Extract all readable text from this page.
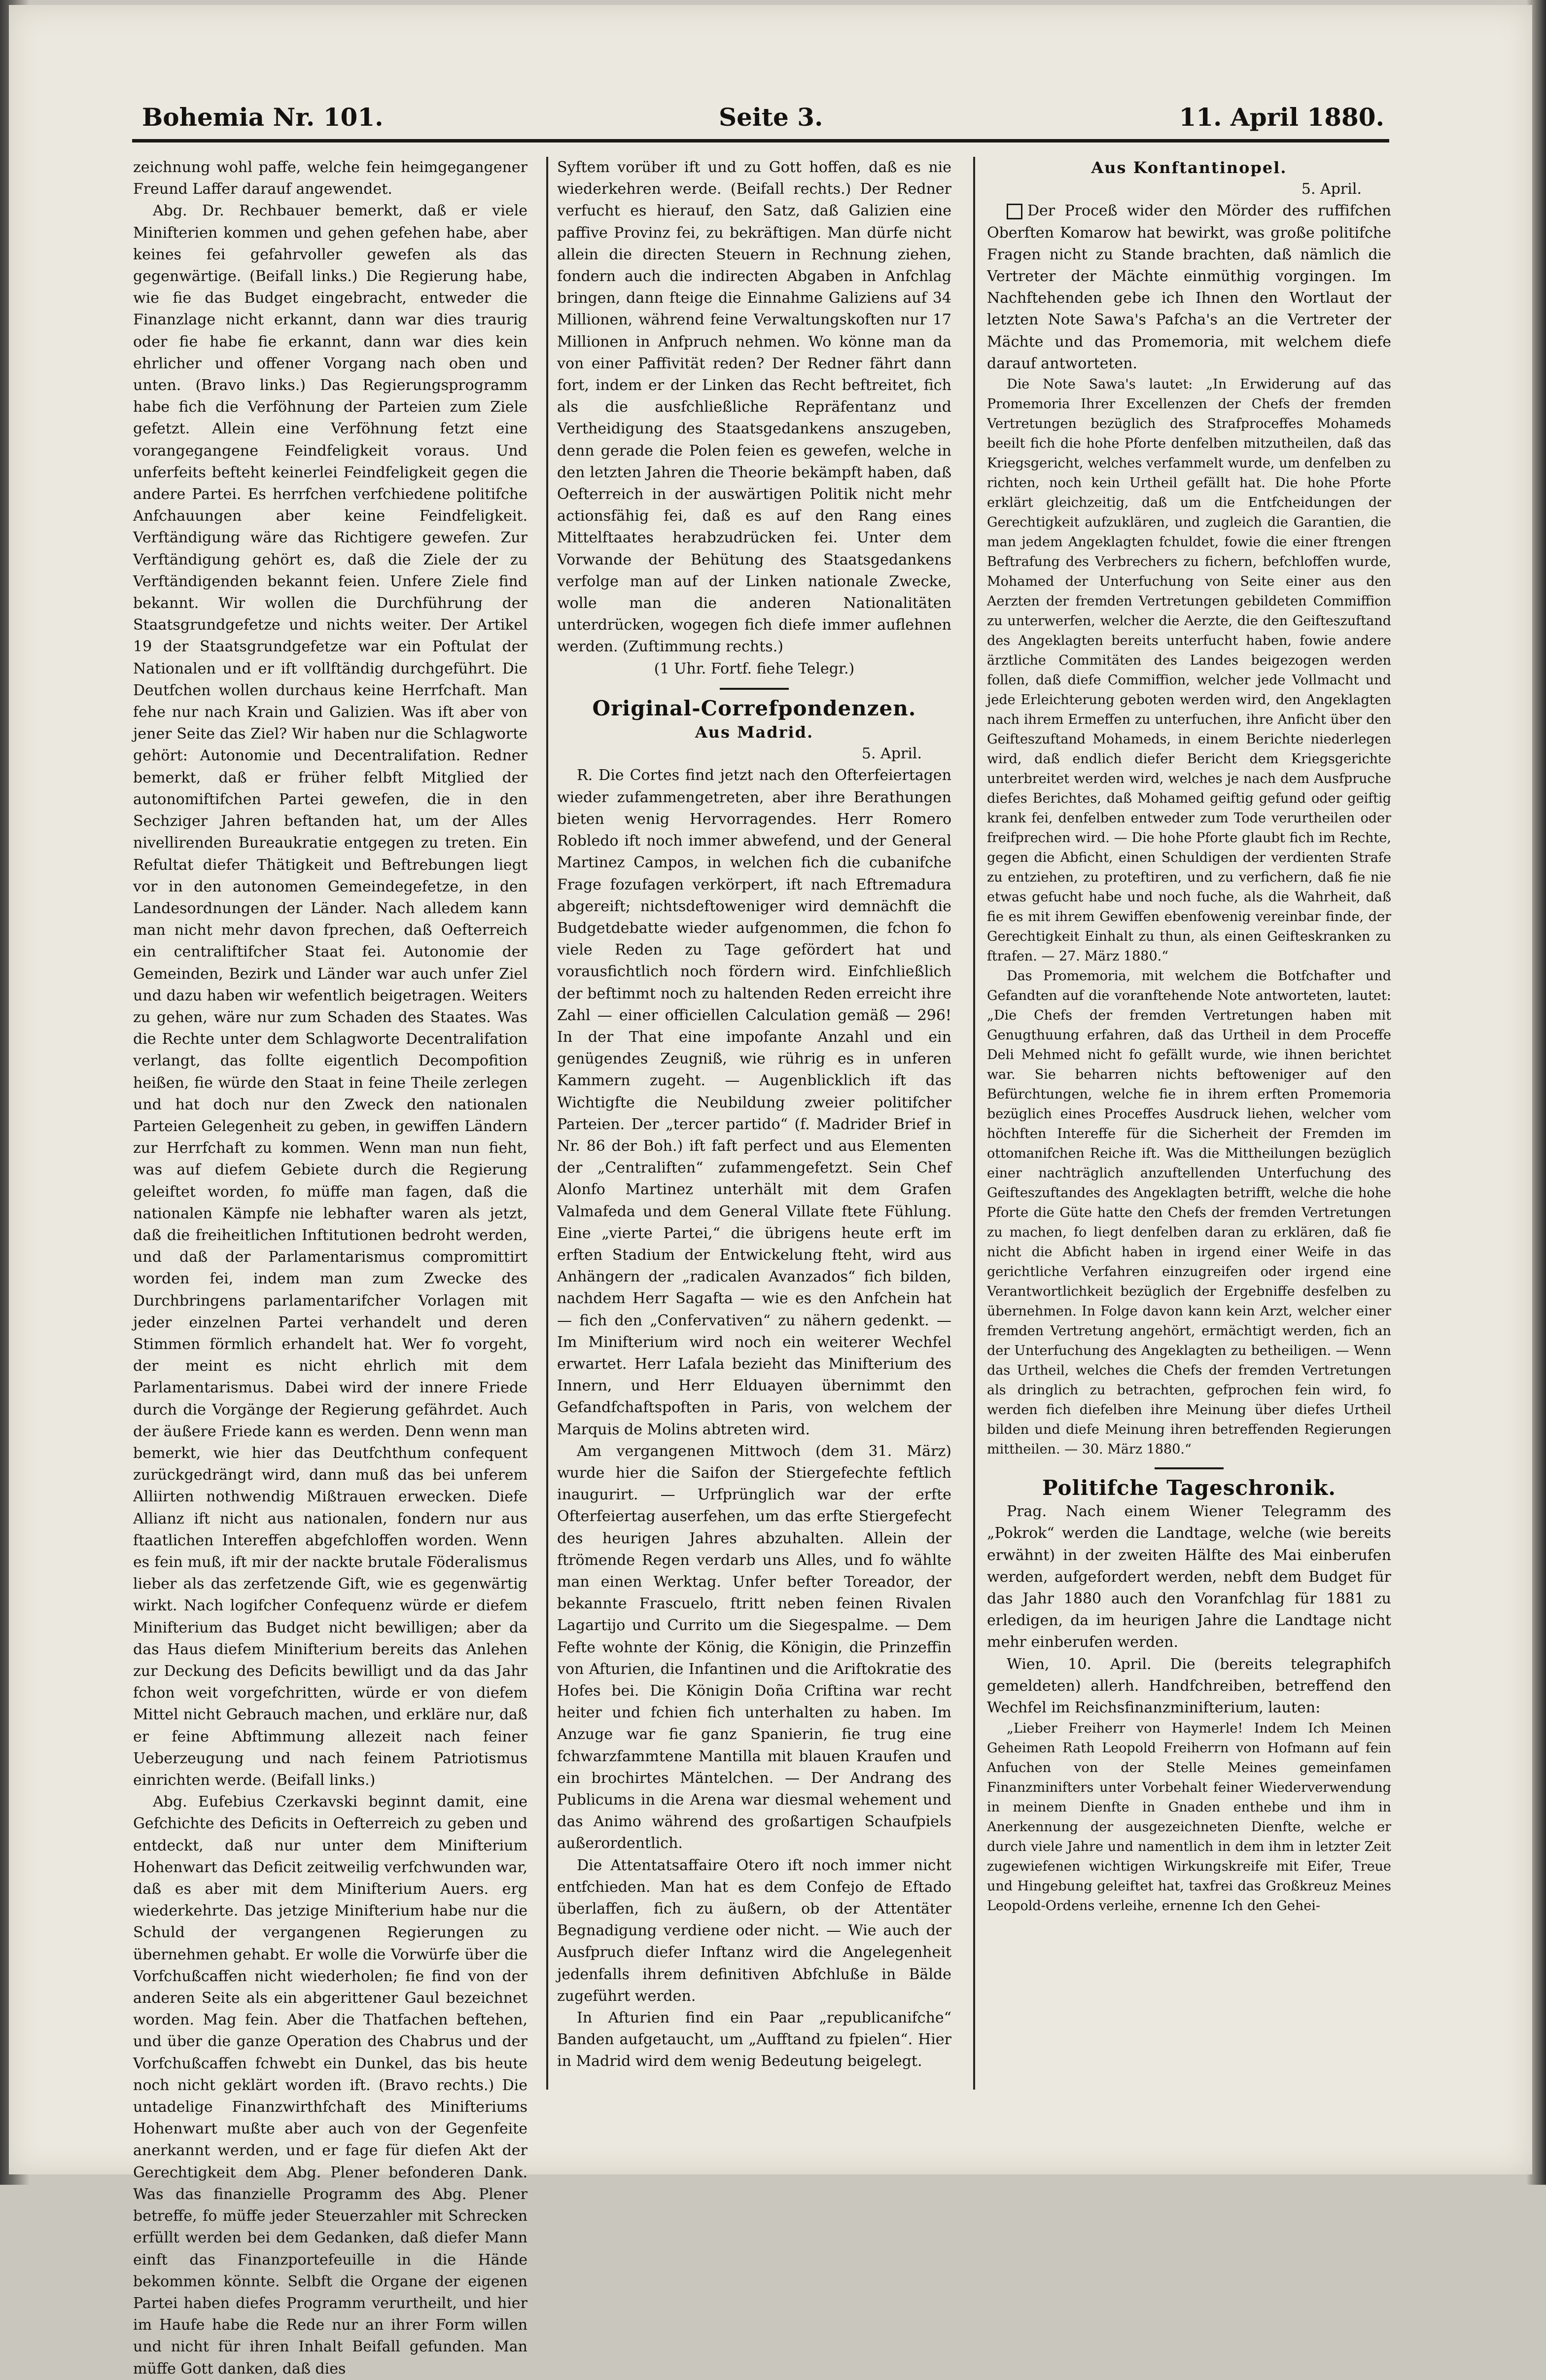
Bohemia Nr. 101.	Seite 3.	11. April 1880.

zeichnung wohl paffe, welche fein heimgegangener Freund Laffer darauf angewendet.

Abg. Dr. Rechbauer bemerkt, daß er viele Minifterien kommen und gehen gefehen habe, aber keines fei gefahrvoller gewefen als das gegenwärtige. (Beifall links.) Die Regierung habe, wie fie das Budget eingebracht, entweder die Finanzlage nicht erkannt, dann war dies traurig oder fie habe fie erkannt, dann war dies kein ehrlicher und offener Vorgang nach oben und unten. (Bravo links.) Das Regierungsprogramm habe fich die Verföhnung der Parteien zum Ziele gefetzt. Allein eine Verföhnung fetzt eine vorangegangene Feindfeligkeit voraus. Und unferfeits befteht keinerlei Feindfeligkeit gegen die andere Partei. Es herrfchen verfchiedene politifche Anfchauungen aber keine Feindfeligkeit. Verftändigung wäre das Richtigere gewefen. Zur Verftändigung gehört es, daß die Ziele der zu Verftändigenden bekannt feien. Unfere Ziele find bekannt. Wir wollen die Durchführung der Staatsgrundgefetze und nichts weiter. Der Artikel 19 der Staatsgrundgefetze war ein Poftulat der Nationalen und er ift vollftändig durchgeführt. Die Deutfchen wollen durchaus keine Herrfchaft. Man fehe nur nach Krain und Galizien. Was ift aber von jener Seite das Ziel? Wir haben nur die Schlagworte gehört: Autonomie und Decentralifation. Redner bemerkt, daß er früher felbft Mitglied der autonomiftifchen Partei gewefen, die in den Sechziger Jahren beftanden hat, um der Alles nivellirenden Bureaukratie entgegen zu treten. Ein Refultat diefer Thätigkeit und Beftrebungen liegt vor in den autonomen Gemeindegefetze, in den Landesordnungen der Länder. Nach alledem kann man nicht mehr davon fprechen, daß Oefterreich ein centraliftifcher Staat fei. Autonomie der Gemeinden, Bezirk und Länder war auch unfer Ziel und dazu haben wir wefentlich beigetragen. Weiters zu gehen, wäre nur zum Schaden des Staates. Was die Rechte unter dem Schlagworte Decentralifation verlangt, das follte eigentlich Decompofition heißen, fie würde den Staat in feine Theile zerlegen und hat doch nur den Zweck den nationalen Parteien Gelegenheit zu geben, in gewiffen Ländern zur Herrfchaft zu kommen. Wenn man nun fieht, was auf diefem Gebiete durch die Regierung geleiftet worden, fo müffe man fagen, daß die nationalen Kämpfe nie lebhafter waren als jetzt, daß die freiheitlichen Inftitutionen bedroht werden, und daß der Parlamentarismus compromittirt worden fei, indem man zum Zwecke des Durchbringens parlamentarifcher Vorlagen mit jeder einzelnen Partei verhandelt und deren Stimmen förmlich erhandelt hat. Wer fo vorgeht, der meint es nicht ehrlich mit dem Parlamentarismus. Dabei wird der innere Friede durch die Vorgänge der Regierung gefährdet. Auch der äußere Friede kann es werden. Denn wenn man bemerkt, wie hier das Deutfchthum confequent zurückgedrängt wird, dann muß das bei unferem Alliirten nothwendig Mißtrauen erwecken. Diefe Allianz ift nicht aus nationalen, fondern nur aus ftaatlichen Intereffen abgefchloffen worden. Wenn es fein muß, ift mir der nackte brutale Föderalismus lieber als das zerfetzende Gift, wie es gegenwärtig wirkt. Nach logifcher Confequenz würde er diefem Minifterium das Budget nicht bewilligen; aber da das Haus diefem Minifterium bereits das Anlehen zur Deckung des Deficits bewilligt und da das Jahr fchon weit vorgefchritten, würde er von diefem Mittel nicht Gebrauch machen, und erkläre nur, daß er feine Abftimmung allezeit nach feiner Ueberzeugung und nach feinem Patriotismus einrichten werde. (Beifall links.)

Abg. Eufebius Czerkavski beginnt damit, eine Gefchichte des Deficits in Oefterreich zu geben und entdeckt, daß nur unter dem Minifterium Hohenwart das Deficit zeitweilig verfchwunden war, daß es aber mit dem Minifterium Auers. erg wiederkehrte. Das jetzige Minifterium habe nur die Schuld der vergangenen Regierungen zu übernehmen gehabt. Er wolle die Vorwürfe über die Vorfchußcaffen nicht wiederholen; fie find von der anderen Seite als ein abgerittener Gaul bezeichnet worden. Mag fein. Aber die Thatfachen beftehen, und über die ganze Operation des Chabrus und der Vorfchußcaffen fchwebt ein Dunkel, das bis heute noch nicht geklärt worden ift. (Bravo rechts.) Die untadelige Finanzwirthfchaft des Minifteriums Hohenwart mußte aber auch von der Gegenfeite anerkannt werden, und er fage für diefen Akt der Gerechtigkeit dem Abg. Plener befonderen Dank. Was das finanzielle Programm des Abg. Plener betreffe, fo müffe jeder Steuerzahler mit Schrecken erfüllt werden bei dem Gedanken, daß diefer Mann einft das Finanzportefeuille in die Hände bekommen könnte. Selbft die Organe der eigenen Partei haben diefes Programm verurtheilt, und hier im Haufe habe die Rede nur an ihrer Form willen und nicht für ihren Inhalt Beifall gefunden. Man müffe Gott danken, daß dies

Syftem vorüber ift und zu Gott hoffen, daß es nie wiederkehren werde. (Beifall rechts.) Der Redner verfucht es hierauf, den Satz, daß Galizien eine paffive Provinz fei, zu bekräftigen. Man dürfe nicht allein die directen Steuern in Rechnung ziehen, fondern auch die indirecten Abgaben in Anfchlag bringen, dann fteige die Einnahme Galiziens auf 34 Millionen, während feine Verwaltungskoften nur 17 Millionen in Anfpruch nehmen. Wo könne man da von einer Paffivität reden? Der Redner fährt dann fort, indem er der Linken das Recht beftreitet, fich als die ausfchließliche Repräfentanz und Vertheidigung des Staatsgedankens anszugeben, denn gerade die Polen feien es gewefen, welche in den letzten Jahren die Theorie bekämpft haben, daß Oefterreich in der auswärtigen Politik nicht mehr actionsfähig fei, daß es auf den Rang eines Mittelftaates herabzudrücken fei. Unter dem Vorwande der Behütung des Staatsgedankens verfolge man auf der Linken nationale Zwecke, wolle man die anderen Nationalitäten unterdrücken, wogegen fich diefe immer auflehnen werden. (Zuftimmung rechts.)

(1 Uhr. Fortf. fiehe Telegr.)
Original-Correfpondenzen.
Aus Madrid.
5. April.

R. Die Cortes find jetzt nach den Ofterfeiertagen wieder zufammengetreten, aber ihre Berathungen bieten wenig Hervorragendes. Herr Romero Robledo ift noch immer abwefend, und der General Martinez Campos, in welchen fich die cubanifche Frage fozufagen verkörpert, ift nach Eftremadura abgereift; nichtsdeftoweniger wird demnächft die Budgetdebatte wieder aufgenommen, die fchon fo viele Reden zu Tage gefördert hat und vorausfichtlich noch fördern wird. Einfchließlich der beftimmt noch zu haltenden Reden erreicht ihre Zahl — einer officiellen Calculation gemäß — 296! In der That eine impofante Anzahl und ein genügendes Zeugniß, wie rührig es in unferen Kammern zugeht. — Augenblicklich ift das Wichtigfte die Neubildung zweier politifcher Parteien. Der „tercer partido“ (f. Madrider Brief in Nr. 86 der Boh.) ift faft perfect und aus Elementen der „Centraliften“ zufammengefetzt. Sein Chef Alonfo Martinez unterhält mit dem Grafen Valmafeda und dem General Villate ftete Fühlung. Eine „vierte Partei,“ die übrigens heute erft im erften Stadium der Entwickelung fteht, wird aus Anhängern der „radicalen Avanzados“ fich bilden, nachdem Herr Sagafta — wie es den Anfchein hat — fich den „Confervativen“ zu nähern gedenkt. — Im Minifterium wird noch ein weiterer Wechfel erwartet. Herr Lafala bezieht das Minifterium des Innern, und Herr Elduayen übernimmt den Gefandfchaftspoften in Paris, von welchem der Marquis de Molins abtreten wird.

Am vergangenen Mittwoch (dem 31. März) wurde hier die Saifon der Stiergefechte feftlich inaugurirt. — Urfprünglich war der erfte Ofterfeiertag auserfehen, um das erfte Stiergefecht des heurigen Jahres abzuhalten. Allein der ftrömende Regen verdarb uns Alles, und fo wählte man einen Werktag. Unfer befter Toreador, der bekannte Frascuelo, ftritt neben feinen Rivalen Lagartijo und Currito um die Siegespalme. — Dem Fefte wohnte der König, die Königin, die Prinzeffin von Afturien, die Infantinen und die Ariftokratie des Hofes bei. Die Königin Doña Criftina war recht heiter und fchien fich unterhalten zu haben. Im Anzuge war fie ganz Spanierin, fie trug eine fchwarzfammtene Mantilla mit blauen Kraufen und ein brochirtes Mäntelchen. — Der Andrang des Publicums in die Arena war diesmal wehement und das Animo während des großartigen Schaufpiels außerordentlich.

Die Attentatsaffaire Otero ift noch immer nicht entfchieden. Man hat es dem Confejo de Eftado überlaffen, fich zu äußern, ob der Attentäter Begnadigung verdiene oder nicht. — Wie auch der Ausfpruch diefer Inftanz wird die Angelegenheit jedenfalls ihrem definitiven Abfchluße in Bälde zugeführt werden.

In Afturien find ein Paar „republicanifche“ Banden aufgetaucht, um „Aufftand zu fpielen“. Hier in Madrid wird dem wenig Bedeutung beigelegt.

Aus Konftantinopel.
5. April.

Der Proceß wider den Mörder des ruffifchen Oberften Komarow hat bewirkt, was große politifche Fragen nicht zu Stande brachten, daß nämlich die Vertreter der Mächte einmüthig vorgingen. Im Nachftehenden gebe ich Ihnen den Wortlaut der letzten Note Sawa's Pafcha's an die Vertreter der Mächte und das Promemoria, mit welchem diefe darauf antworteten.

Die Note Sawa's lautet: „In Erwiderung auf das Promemoria Ihrer Excellenzen der Chefs der fremden Vertretungen bezüglich des Strafproceffes Mohameds beeilt fich die hohe Pforte denfelben mitzutheilen, daß das Kriegsgericht, welches verfammelt wurde, um denfelben zu richten, noch kein Urtheil gefällt hat. Die hohe Pforte erklärt gleichzeitig, daß um die Entfcheidungen der Gerechtigkeit aufzuklären, und zugleich die Garantien, die man jedem Angeklagten fchuldet, fowie die einer ftrengen Beftrafung des Verbrechers zu fichern, befchloffen wurde, Mohamed der Unterfuchung von Seite einer aus den Aerzten der fremden Vertretungen gebildeten Commiffion zu unterwerfen, welcher die Aerzte, die den Geifteszuftand des Angeklagten bereits unterfucht haben, fowie andere ärztliche Commitäten des Landes beigezogen werden follen, daß diefe Commiffion, welcher jede Vollmacht und jede Erleichterung geboten werden wird, den Angeklagten nach ihrem Ermeffen zu unterfuchen, ihre Anficht über den Geifteszuftand Mohameds, in einem Berichte niederlegen wird, daß endlich diefer Bericht dem Kriegsgerichte unterbreitet werden wird, welches je nach dem Ausfpruche diefes Berichtes, daß Mohamed geiftig gefund oder geiftig krank fei, denfelben entweder zum Tode verurtheilen oder freifprechen wird. — Die hohe Pforte glaubt fich im Rechte, gegen die Abficht, einen Schuldigen der verdienten Strafe zu entziehen, zu proteftiren, und zu verfichern, daß fie nie etwas gefucht habe und noch fuche, als die Wahrheit, daß fie es mit ihrem Gewiffen ebenfowenig vereinbar finde, der Gerechtigkeit Einhalt zu thun, als einen Geifteskranken zu ftrafen. — 27. März 1880.“

Das Promemoria, mit welchem die Botfchafter und Gefandten auf die voranftehende Note antworteten, lautet: „Die Chefs der fremden Vertretungen haben mit Genugthuung erfahren, daß das Urtheil in dem Proceffe Deli Mehmed nicht fo gefällt wurde, wie ihnen berichtet war. Sie beharren nichts beftoweniger auf den Befürchtungen, welche fie in ihrem erften Promemoria bezüglich eines Proceffes Ausdruck liehen, welcher vom höchften Intereffe für die Sicherheit der Fremden im ottomanifchen Reiche ift. Was die Mittheilungen bezüglich einer nachträglich anzuftellenden Unterfuchung des Geifteszuftandes des Angeklagten betrifft, welche die hohe Pforte die Güte hatte den Chefs der fremden Vertretungen zu machen, fo liegt denfelben daran zu erklären, daß fie nicht die Abficht haben in irgend einer Weife in das gerichtliche Verfahren einzugreifen oder irgend eine Verantwortlichkeit bezüglich der Ergebniffe desfelben zu übernehmen. In Folge davon kann kein Arzt, welcher einer fremden Vertretung angehört, ermächtigt werden, fich an der Unterfuchung des Angeklagten zu betheiligen. — Wenn das Urtheil, welches die Chefs der fremden Vertretungen als dringlich zu betrachten, gefprochen fein wird, fo werden fich diefelben ihre Meinung über diefes Urtheil bilden und diefe Meinung ihren betreffenden Regierungen mittheilen. — 30. März 1880.“

Politifche Tageschronik.

Prag. Nach einem Wiener Telegramm des „Pokrok“ werden die Landtage, welche (wie bereits erwähnt) in der zweiten Hälfte des Mai einberufen werden, aufgefordert werden, nebft dem Budget für das Jahr 1880 auch den Voranfchlag für 1881 zu erledigen, da im heurigen Jahre die Landtage nicht mehr einberufen werden.

Wien, 10. April. Die (bereits telegraphifch gemeldeten) allerh. Handfchreiben, betreffend den Wechfel im Reichsfinanzminifterium, lauten:

„Lieber Freiherr von Haymerle! Indem Ich Meinen Geheimen Rath Leopold Freiherrn von Hofmann auf fein Anfuchen von der Stelle Meines gemeinfamen Finanzminifters unter Vorbehalt feiner Wiederverwendung in meinem Dienfte in Gnaden enthebe und ihm in Anerkennung der ausgezeichneten Dienfte, welche er durch viele Jahre und namentlich in dem ihm in letzter Zeit zugewiefenen wichtigen Wirkungskreife mit Eifer, Treue und Hingebung geleiftet hat, taxfrei das Großkreuz Meines Leopold-Ordens verleihe, ernenne Ich den Gehei-
